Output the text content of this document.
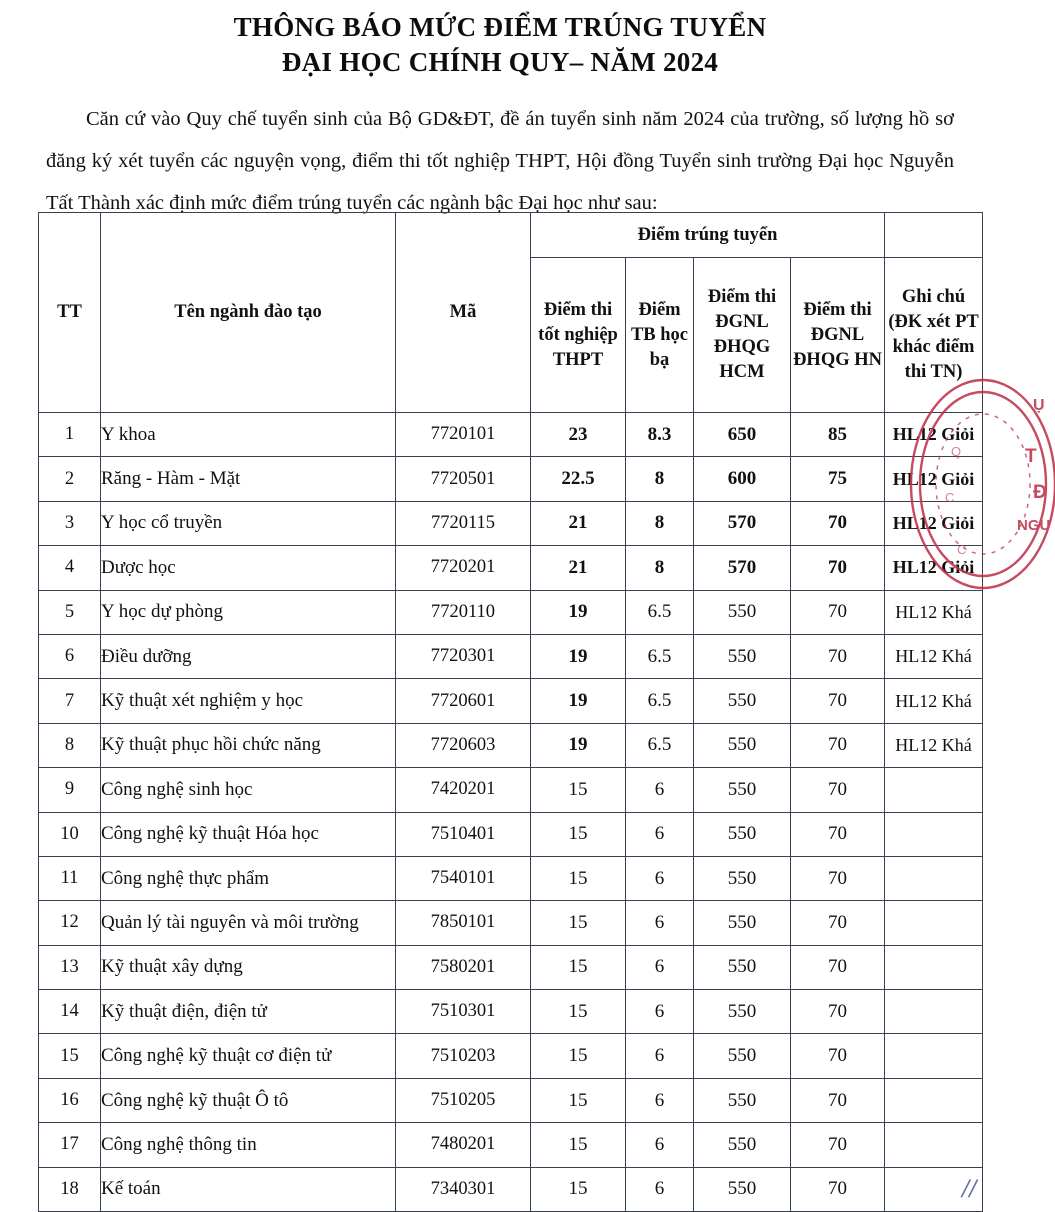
THÔNG BÁO MỨC ĐIỂM TRÚNG TUYỂN
ĐẠI HỌC CHÍNH QUY– NĂM 2024
Căn cứ vào Quy chế tuyển sinh của Bộ GD&ĐT, đề án tuyển sinh năm 2024 của trường, số lượng hồ sơ đăng ký xét tuyển các nguyện vọng, điểm thi tốt nghiệp THPT, Hội đồng Tuyển sinh trường Đại học Nguyễn Tất Thành xác định mức điểm trúng tuyển các ngành bậc Đại học như sau:
TT	Tên ngành đào tạo	Mã	Điểm trúng tuyển				
			Điểm thi tốt nghiệp THPT	Điểm TB học bạ	Điểm thi ĐGNL ĐHQG HCM	Điểm thi ĐGNL ĐHQG HN	Ghi chú (ĐK xét PT khác điểm thi TN)
1	Y khoa	7720101	23	8.3	650	85	HL12 Giỏi
2	Răng - Hàm - Mặt	7720501	22.5	8	600	75	HL12 Giỏi
3	Y học cổ truyền	7720115	21	8	570	70	HL12 Giỏi
4	Dược học	7720201	21	8	570	70	HL12 Giỏi
5	Y học dự phòng	7720110	19	6.5	550	70	HL12 Khá
6	Điều dưỡng	7720301	19	6.5	550	70	HL12 Khá
7	Kỹ thuật xét nghiệm y học	7720601	19	6.5	550	70	HL12 Khá
8	Kỹ thuật phục hồi chức năng	7720603	19	6.5	550	70	HL12 Khá
9	Công nghệ sinh học	7420201	15	6	550	70	
10	Công nghệ kỹ thuật Hóa học	7510401	15	6	550	70	
11	Công nghệ thực phẩm	7540101	15	6	550	70	
12	Quản lý tài nguyên và môi trường	7850101	15	6	550	70	
13	Kỹ thuật xây dựng	7580201	15	6	550	70	
14	Kỹ thuật điện, điện tử	7510301	15	6	550	70	
15	Công nghệ kỹ thuật cơ điện tử	7510203	15	6	550	70	
16	Công nghệ kỹ thuật Ô tô	7510205	15	6	550	70	
17	Công nghệ thông tin	7480201	15	6	550	70	
18	Kế toán	7340301	15	6	550	70	
Ụ
T
Đ
NGU
Q
C
C
//
